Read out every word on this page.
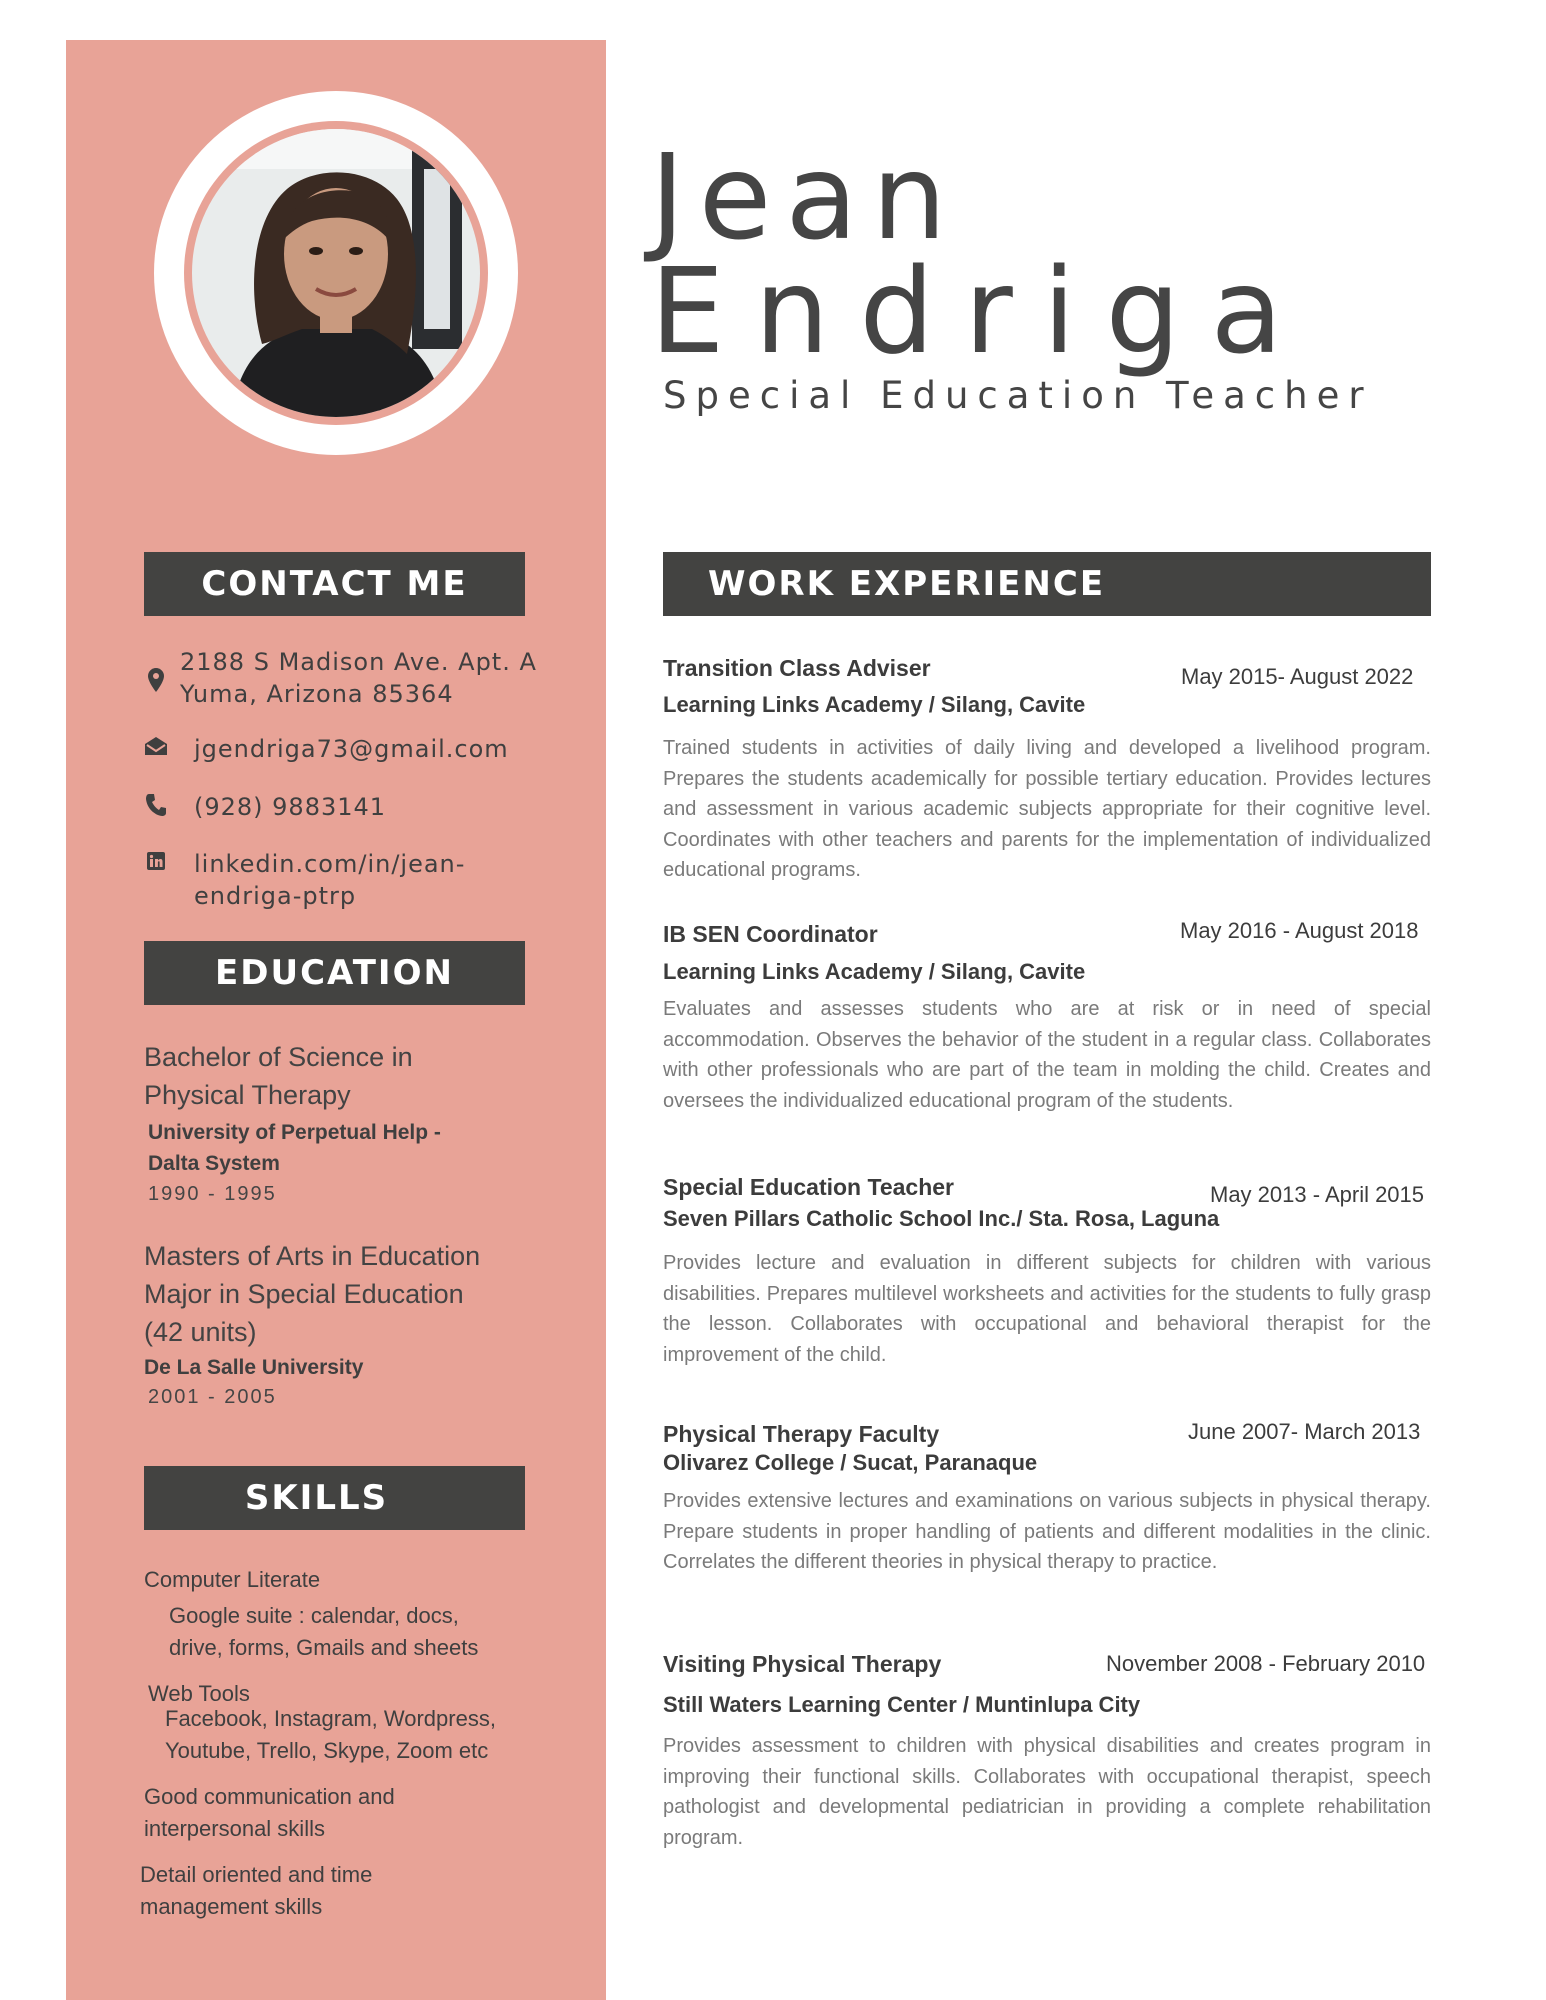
Jean
Endriga
Special Education Teacher
CONTACT ME
2188 S Madison Ave. Apt. A
Yuma, Arizona 85364
jgendriga73@gmail.com
(928) 9883141
linkedin.com/in/jean-
endriga-ptrp
EDUCATION
Bachelor of Science in
Physical Therapy
University of Perpetual Help -
Dalta System
1990 - 1995
Masters of Arts in Education
Major in Special Education
(42 units)
De La Salle University
2001 - 2005
SKILLS
Computer Literate
Google suite : calendar, docs,
drive, forms, Gmails and sheets
Web Tools
Facebook, Instagram, Wordpress,
Youtube, Trello, Skype, Zoom etc
Good communication and
interpersonal skills
Detail oriented and time
management skills
WORK EXPERIENCE
Transition Class Adviser	May 2015- August 2022
Learning Links Academy / Silang, Cavite
Trained students in activities of daily living and developed a livelihood program. Prepares the students academically for possible tertiary education. Provides lectures and assessment in various academic subjects appropriate for their cognitive level. Coordinates with other teachers and parents for the implementation of individualized educational programs.
IB SEN Coordinator	May 2016 - August 2018
Learning Links Academy / Silang, Cavite
Evaluates and assesses students who are at risk or in need of special accommodation. Observes the behavior of the student in a regular class. Collaborates with other professionals who are part of the team in molding the child. Creates and oversees the individualized educational program of the students.
Special Education Teacher	May 2013 - April 2015
Seven Pillars Catholic School Inc./ Sta. Rosa, Laguna
Provides lecture and evaluation in different subjects for children with various disabilities. Prepares multilevel worksheets and activities for the students to fully grasp the lesson. Collaborates with occupational and behavioral therapist for the improvement of the child.
Physical Therapy Faculty	June 2007- March 2013
Olivarez College / Sucat, Paranaque
Provides extensive lectures and examinations on various subjects in physical therapy. Prepare students in proper handling of patients and different modalities in the clinic. Correlates the different theories in physical therapy to practice.
Visiting Physical Therapy	November 2008 - February 2010
Still Waters Learning Center / Muntinlupa City
Provides assessment to children with physical disabilities and creates program in improving their functional skills. Collaborates with occupational therapist, speech pathologist and developmental pediatrician in providing a complete rehabilitation program.
